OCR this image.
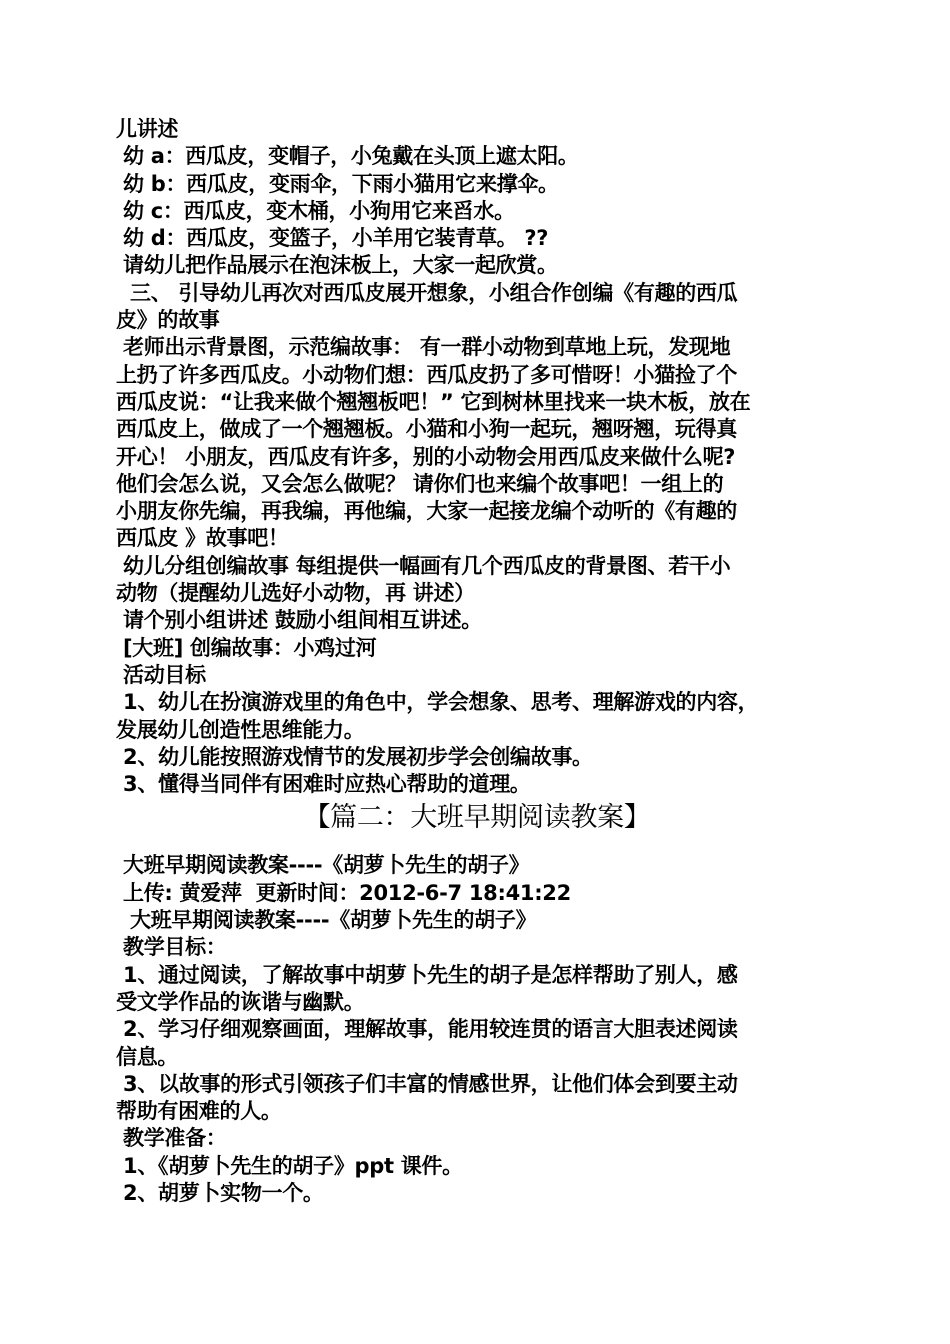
儿讲述
幼 a：西瓜皮，变帽子，小兔戴在头顶上遮太阳。
幼 b：西瓜皮，变雨伞，下雨小猫用它来撑伞。
幼 c：西瓜皮，变木桶，小狗用它来舀水。
幼 d：西瓜皮，变篮子，小羊用它装青草。 ??
请幼儿把作品展示在泡沫板上，大家一起欣赏。
三、 引导幼儿再次对西瓜皮展开想象，小组合作创编《有趣的西瓜
皮》的故事
老师出示背景图，示范编故事： 有一群小动物到草地上玩，发现地
上扔了许多西瓜皮。小动物们想：西瓜皮扔了多可惜呀！小猫捡了个
西瓜皮说：“让我来做个翘翘板吧！” 它到树林里找来一块木板，放在
西瓜皮上，做成了一个翘翘板。小猫和小狗一起玩，翘呀翘，玩得真
开心！ 小朋友，西瓜皮有许多，别的小动物会用西瓜皮来做什么呢?
他们会怎么说，又会怎么做呢？ 请你们也来编个故事吧！一组上的
小朋友你先编，再我编，再他编，大家一起接龙编个动听的《有趣的
西瓜皮 》故事吧！
幼儿分组创编故事 每组提供一幅画有几个西瓜皮的背景图、若干小
动物（提醒幼儿选好小动物，再 讲述）
请个别小组讲述 鼓励小组间相互讲述。
[大班] 创编故事：小鸡过河
活动目标
1、幼儿在扮演游戏里的角色中，学会想象、思考、理解游戏的内容，
发展幼儿创造性思维能力。
2、幼儿能按照游戏情节的发展初步学会创编故事。
3、懂得当同伴有困难时应热心帮助的道理。
【篇二：大班早期阅读教案】
大班早期阅读教案----《胡萝卜先生的胡子》
上传: 黄爱萍  更新时间：2012-6-7 18:41:22
大班早期阅读教案----《胡萝卜先生的胡子》
教学目标：
1、通过阅读，了解故事中胡萝卜先生的胡子是怎样帮助了别人，感
受文学作品的诙谐与幽默。
2、学习仔细观察画面，理解故事，能用较连贯的语言大胆表述阅读
信息。
3、以故事的形式引领孩子们丰富的情感世界，让他们体会到要主动
帮助有困难的人。
教学准备：
1、《胡萝卜先生的胡子》ppt 课件。
2、胡萝卜实物一个。
